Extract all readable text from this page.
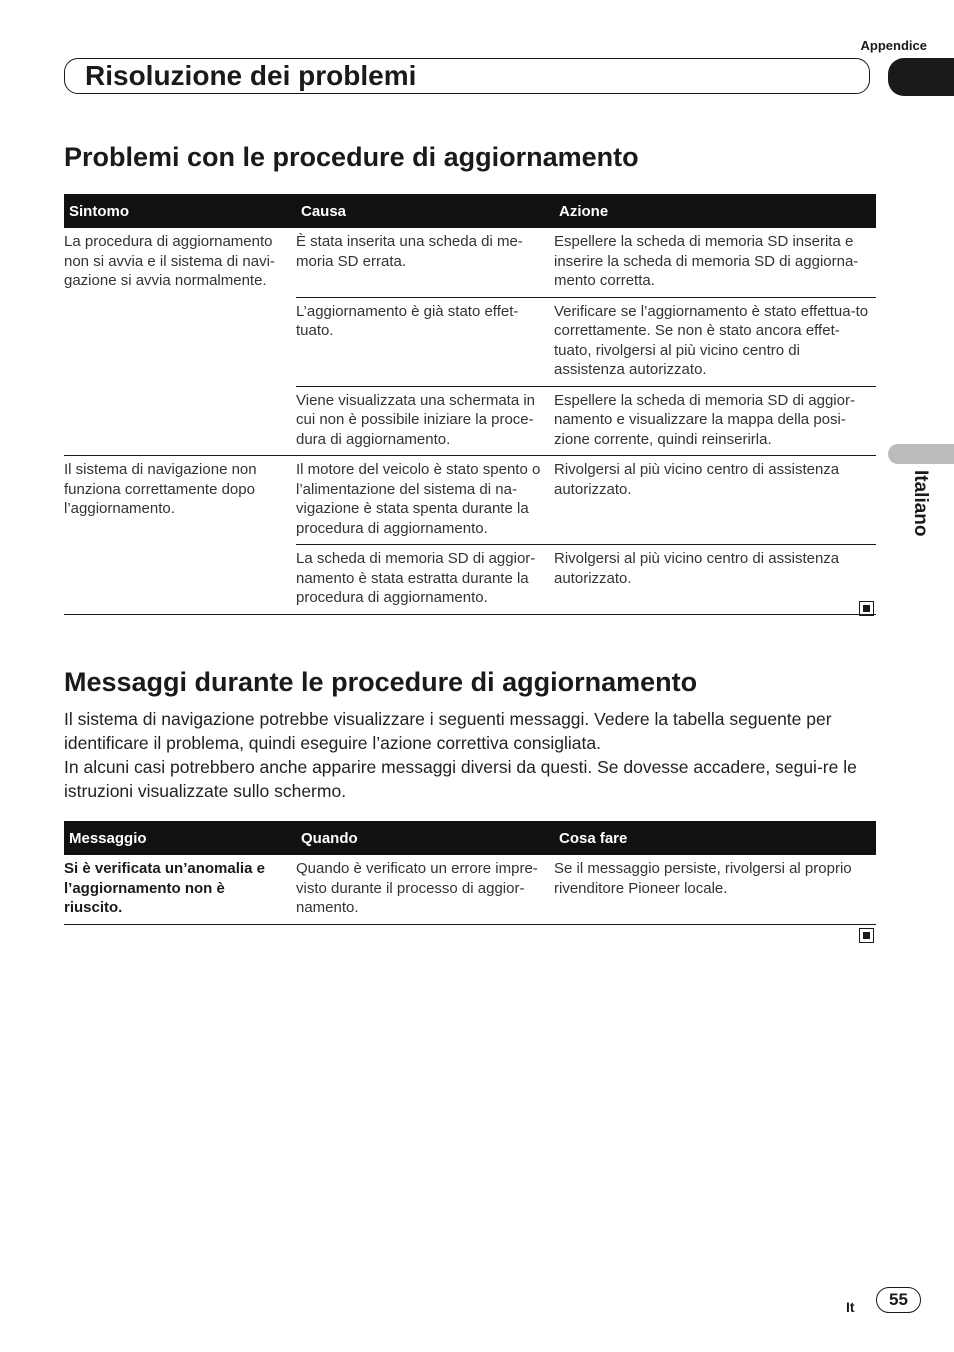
Appendice
Risoluzione dei problemi
Italiano
Problemi con le procedure di aggiornamento
Sintomo	Causa	Azione
La procedura di aggiornamento non si avvia e il sistema di navi-gazione si avvia normalmente.	È stata inserita una scheda di me-moria SD errata.	Espellere la scheda di memoria SD inserita e inserire la scheda di memoria SD di aggiorna-mento corretta.
	L’aggiornamento è già stato effet-tuato.	Verificare se l’aggiornamento è stato effettua-to correttamente. Se non è stato ancora effet-tuato, rivolgersi al più vicino centro di assistenza autorizzato.
	Viene visualizzata una schermata in cui non è possibile iniziare la proce-dura di aggiornamento.	Espellere la scheda di memoria SD di aggior-namento e visualizzare la mappa della posi-zione corrente, quindi reinserirla.
Il sistema di navigazione non funziona correttamente dopo l’aggiornamento.	Il motore del veicolo è stato spento o l’alimentazione del sistema di na-vigazione è stata spenta durante la procedura di aggiornamento.	Rivolgersi al più vicino centro di assistenza autorizzato.
	La scheda di memoria SD di aggior-namento è stata estratta durante la procedura di aggiornamento.	Rivolgersi al più vicino centro di assistenza autorizzato.
Messaggi durante le procedure di aggiornamento

Il sistema di navigazione potrebbe visualizzare i seguenti messaggi. Vedere la tabella seguente per identificare il problema, quindi eseguire l’azione correttiva consigliata.

In alcuni casi potrebbero anche apparire messaggi diversi da questi. Se dovesse accadere, segui-re le istruzioni visualizzate sullo schermo.

Messaggio	Quando	Cosa fare
Si è verificata un’anomalia e l’aggiornamento non è riuscito.	Quando è verificato un errore impre-visto durante il processo di aggior-namento.	Se il messaggio persiste, rivolgersi al proprio rivenditore Pioneer locale.
It 55
